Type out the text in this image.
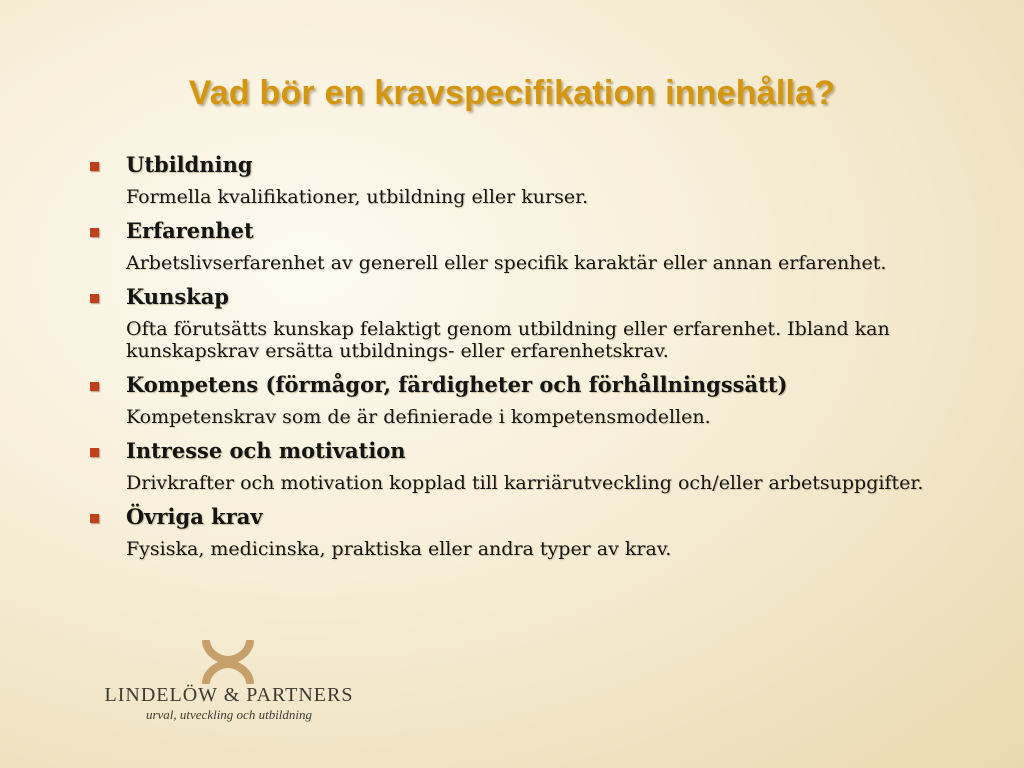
Vad bör en kravspecifikation innehålla?
Utbildning
Formella kvalifikationer, utbildning eller kurser.
Erfarenhet
Arbetslivserfarenhet av generell eller specifik karaktär eller annan erfarenhet.
Kunskap
Ofta förutsätts kunskap felaktigt genom utbildning eller erfarenhet. Ibland kan kunskapskrav ersätta utbildnings- eller erfarenhetskrav.
Kompetens (förmågor, färdigheter och förhållningssätt)
Kompetenskrav som de är definierade i kompetensmodellen.
Intresse och motivation
Drivkrafter och motivation kopplad till karriärutveckling och/eller arbetsuppgifter.
Övriga krav
Fysiska, medicinska, praktiska eller andra typer av krav.
LINDELÖW & PARTNERS
urval, utveckling och utbildning
